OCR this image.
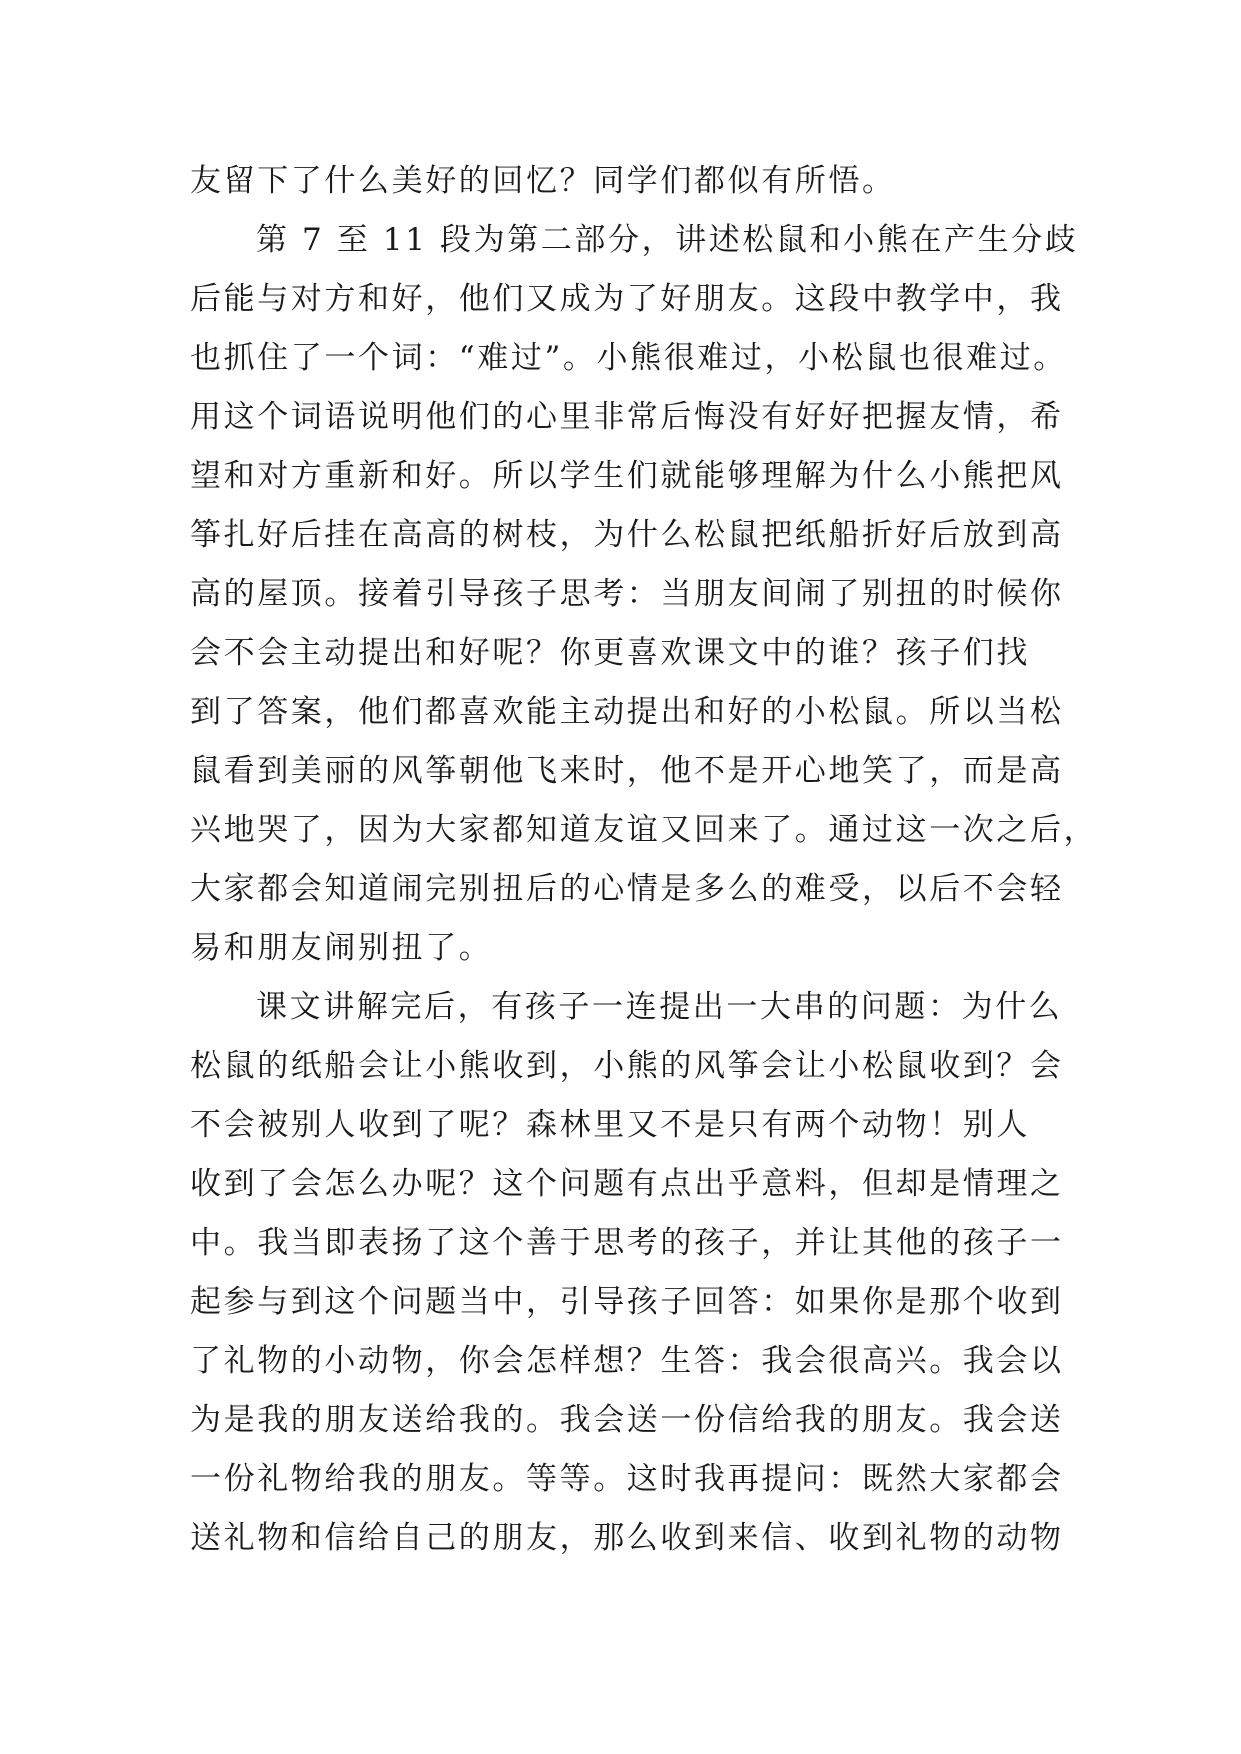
友留下了什么美好的回忆？同学们都似有所悟。
第 7 至 11 段为第二部分，讲述松鼠和小熊在产生分歧
后能与对方和好，他们又成为了好朋友。这段中教学中，我
也抓住了一个词：“难过”。小熊很难过，小松鼠也很难过。
用这个词语说明他们的心里非常后悔没有好好把握友情，希
望和对方重新和好。所以学生们就能够理解为什么小熊把风
筝扎好后挂在高高的树枝，为什么松鼠把纸船折好后放到高
高的屋顶。接着引导孩子思考：当朋友间闹了别扭的时候你
会不会主动提出和好呢？你更喜欢课文中的谁？孩子们找
到了答案，他们都喜欢能主动提出和好的小松鼠。所以当松
鼠看到美丽的风筝朝他飞来时，他不是开心地笑了，而是高
兴地哭了，因为大家都知道友谊又回来了。通过这一次之后，
大家都会知道闹完别扭后的心情是多么的难受，以后不会轻
易和朋友闹别扭了。
课文讲解完后，有孩子一连提出一大串的问题：为什么
松鼠的纸船会让小熊收到，小熊的风筝会让小松鼠收到？会
不会被别人收到了呢？森林里又不是只有两个动物！别人
收到了会怎么办呢？这个问题有点出乎意料，但却是情理之
中。我当即表扬了这个善于思考的孩子，并让其他的孩子一
起参与到这个问题当中，引导孩子回答：如果你是那个收到
了礼物的小动物，你会怎样想？生答：我会很高兴。我会以
为是我的朋友送给我的。我会送一份信给我的朋友。我会送
一份礼物给我的朋友。等等。这时我再提问：既然大家都会
送礼物和信给自己的朋友，那么收到来信、收到礼物的动物
